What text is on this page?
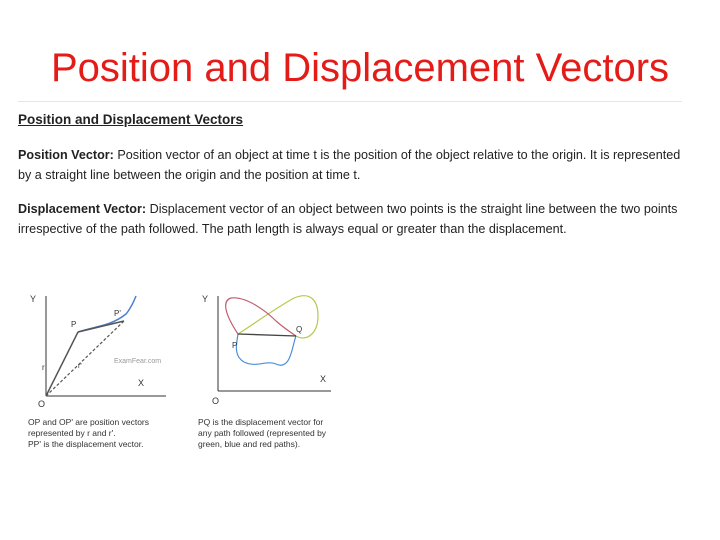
Position and Displacement Vectors
Position and Displacement Vectors
Position Vector: Position vector of an object at time t is the position of the object relative to the origin. It is represented by a straight line between the origin and the position at time t.
Displacement Vector: Displacement vector of an object between two points is the straight line between the two points irrespective of the path followed. The path length is always equal or greater than the displacement.
Y
X
O
P
P'
r	r'
ExamFear.com
Y
X
O
P
Q
OP and OP' are position vectors
represented by r and r'.
PP' is the displacement vector.
PQ is the displacement vector for
any path followed (represented by
green, blue and red paths).
